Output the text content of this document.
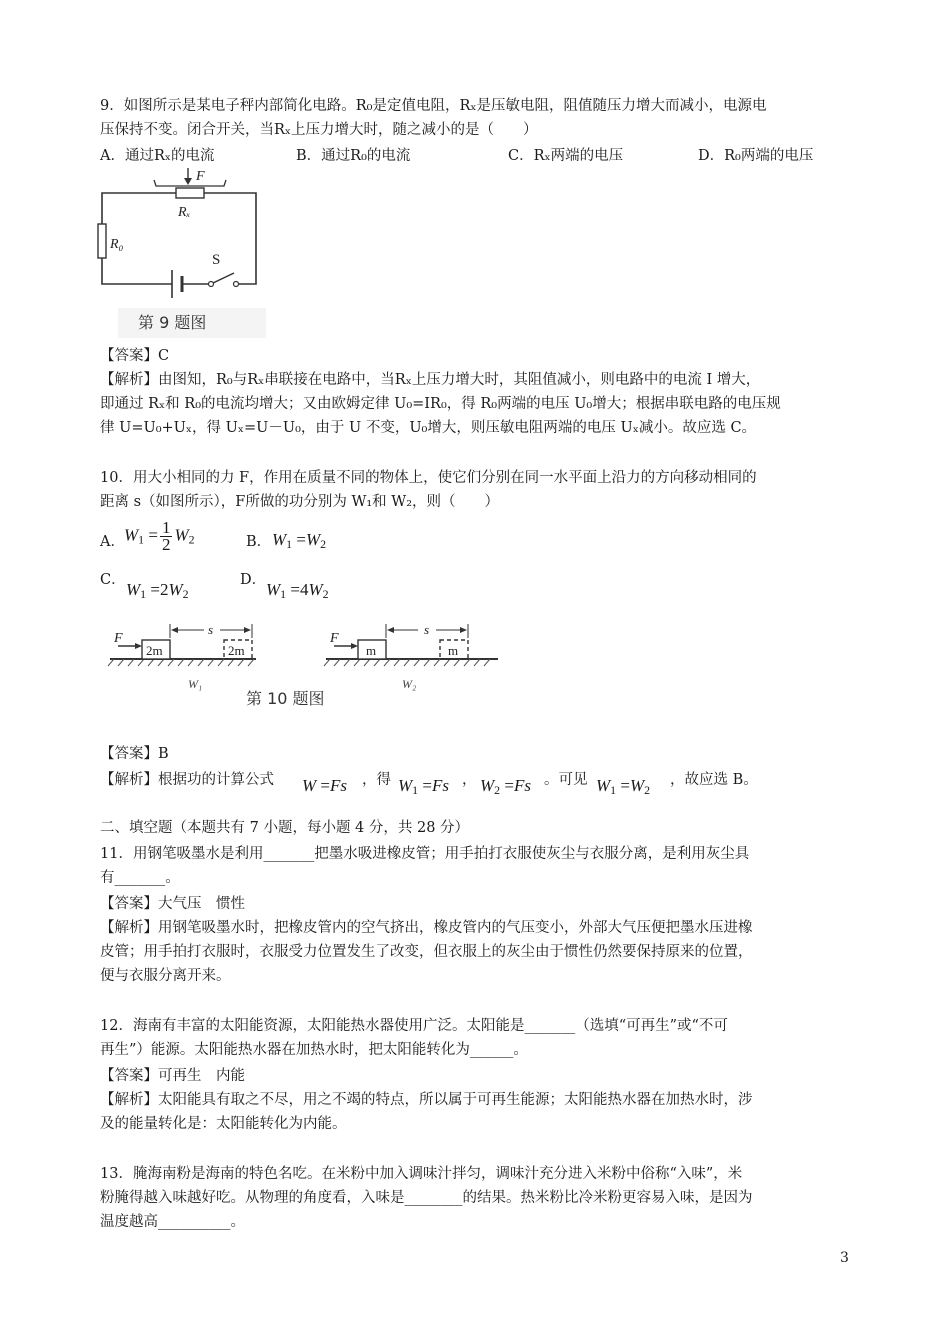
9．如图所示是某电子秤内部简化电路。R₀是定值电阻，Rₓ是压敏电阻，阻值随压力增大而减小，电源电
压保持不变。闭合开关，当Rₓ上压力增大时，随之减小的是（　　）
A．通过Rₓ的电流	B．通过R₀的电流	C．Rₓ两端的电压	D．R₀两端的电压
F
Rₓ
R₀
S
第 9 题图
【答案】C
【解析】由图知，R₀与Rₓ串联接在电路中，当Rₓ上压力增大时，其阻值减小，则电路中的电流 I 增大，
即通过 Rₓ和 R₀的电流均增大；又由欧姆定律 U₀=IR₀，得 R₀两端的电压 U₀增大；根据串联电路的电压规
律 U=U₀+Uₓ，得 Uₓ=U－U₀，由于 U 不变，U₀增大，则压敏电阻两端的电压 Uₓ减小。故应选 C。
10．用大小相同的力 F，作用在质量不同的物体上，使它们分别在同一水平面上沿力的方向移动相同的
距离 s（如图所示），F所做的功分别为 W₁和 W₂，则（　　）
A． $W_1 = \frac{1}{2} W_2$	B． $W_1 =W_2$
C． $W_1 =2W_2$
D． $W_1 =4W_2$
F
2m	2m
s
W₁
F
m	m
s
W₂
第 10 题图
【答案】B
【解析】根据功的计算公式 W =Fs ，得 $W_1 =Fs$ ， $W_2 =Fs$ 。可见 $W_1 =W_2$
，故应选 B。
二、填空题（本题共有 7 小题，每小题 4 分，共 28 分）
11．用钢笔吸墨水是利用_______把墨水吸进橡皮管；用手拍打衣服使灰尘与衣服分离，是利用灰尘具
有_______。
【答案】大气压　惯性
【解析】用钢笔吸墨水时，把橡皮管内的空气挤出，橡皮管内的气压变小，外部大气压便把墨水压进橡
皮管；用手拍打衣服时，衣服受力位置发生了改变，但衣服上的灰尘由于惯性仍然要保持原来的位置，
便与衣服分离开来。
12．海南有丰富的太阳能资源，太阳能热水器使用广泛。太阳能是_______（选填“可再生”或“不可
再生”）能源。太阳能热水器在加热水时，把太阳能转化为______。
【答案】可再生　内能
【解析】太阳能具有取之不尽，用之不竭的特点，所以属于可再生能源；太阳能热水器在加热水时，涉
及的能量转化是：太阳能转化为内能。
13．腌海南粉是海南的特色名吃。在米粉中加入调味汁拌匀，调味汁充分进入米粉中俗称“入味”，米
粉腌得越入味越好吃。从物理的角度看，入味是________的结果。热米粉比冷米粉更容易入味，是因为
温度越高__________。
3
